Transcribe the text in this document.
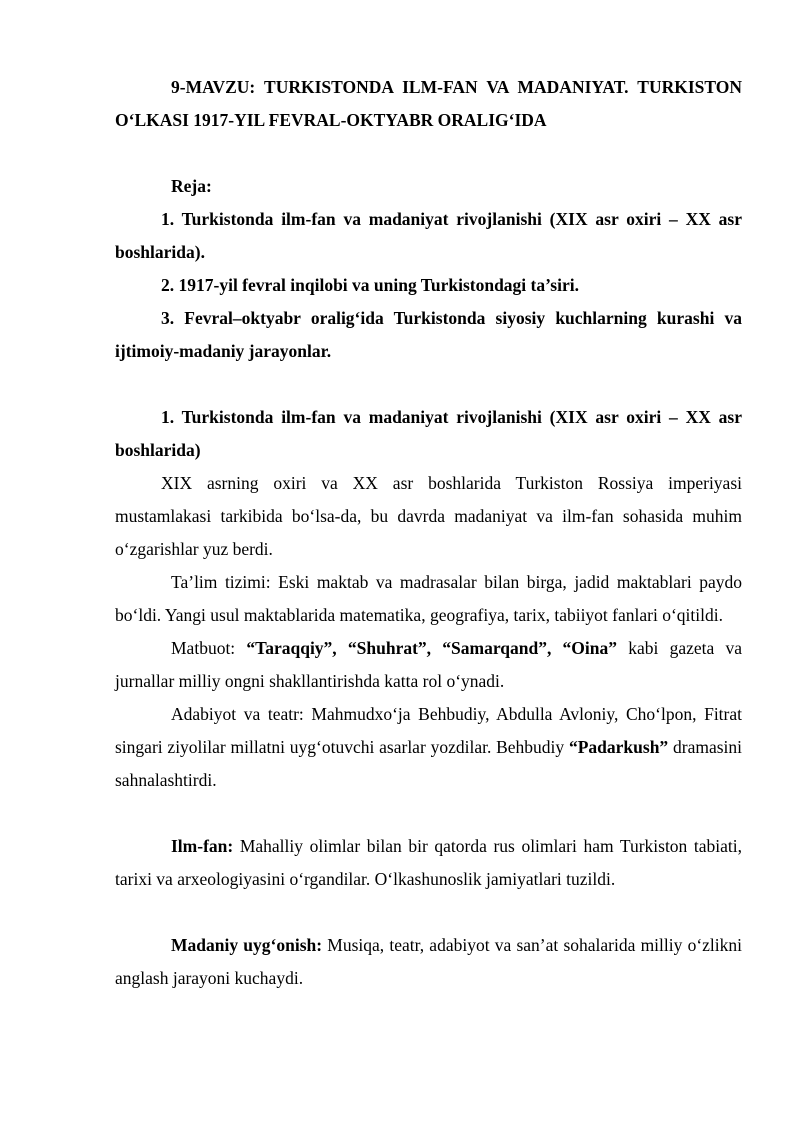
9-MAVZU: TURKISTONDA ILM-FAN VA MADANIYAT. TURKISTON O‘LKASI 1917-YIL FEVRAL-OKTYABR ORALIG‘IDA

Reja:

1. Turkistonda ilm-fan va madaniyat rivojlanishi (XIX asr oxiri – XX asr boshlarida).

2. 1917-yil fevral inqilobi va uning Turkistondagi ta’siri.

3. Fevral–oktyabr oralig‘ida Turkistonda siyosiy kuchlarning kurashi va ijtimoiy-madaniy jarayonlar.

1. Turkistonda ilm-fan va madaniyat rivojlanishi (XIX asr oxiri – XX asr boshlarida)

XIX asrning oxiri va XX asr boshlarida Turkiston Rossiya imperiyasi mustamlakasi tarkibida bo‘lsa-da, bu davrda madaniyat va ilm-fan sohasida muhim o‘zgarishlar yuz berdi.

Ta’lim tizimi: Eski maktab va madrasalar bilan birga, jadid maktablari paydo bo‘ldi. Yangi usul maktablarida matematika, geografiya, tarix, tabiiyot fanlari o‘qitildi.

Matbuot: “Taraqqiy”, “Shuhrat”, “Samarqand”, “Oina” kabi gazeta va jurnallar milliy ongni shakllantirishda katta rol o‘ynadi.

Adabiyot va teatr: Mahmudxo‘ja Behbudiy, Abdulla Avloniy, Cho‘lpon, Fitrat singari ziyolilar millatni uyg‘otuvchi asarlar yozdilar. Behbudiy “Padarkush” dramasini sahnalashtirdi.

Ilm-fan: Mahalliy olimlar bilan bir qatorda rus olimlari ham Turkiston tabiati, tarixi va arxeologiyasini o‘rgandilar. O‘lkashunoslik jamiyatlari tuzildi.

Madaniy uyg‘onish: Musiqa, teatr, adabiyot va san’at sohalarida milliy o‘zlikni anglash jarayoni kuchaydi.
